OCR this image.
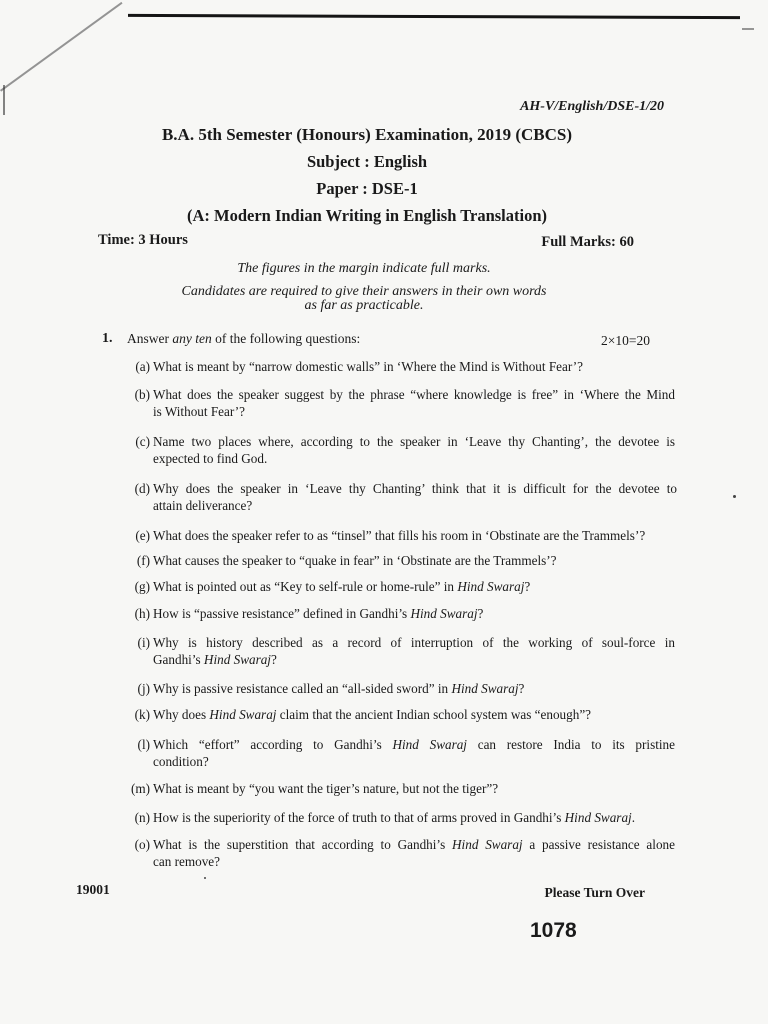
AH-V/English/DSE-1/20
B.A. 5th Semester (Honours) Examination, 2019 (CBCS)
Subject : English
Paper : DSE-1
(A: Modern Indian Writing in English Translation)
Time: 3 Hours	Full Marks: 60
The figures in the margin indicate full marks.
Candidates are required to give their answers in their own words
as far as practicable.
1. Answer any ten of the following questions:	2×10=20
(a) What is meant by “narrow domestic walls” in ‘Where the Mind is Without Fear’?
(b) What does the speaker suggest by the phrase “where knowledge is free” in ‘Where the Mind
is Without Fear’?
(c) Name two places where, according to the speaker in ‘Leave thy Chanting’, the devotee is
expected to find God.
(d) Why does the speaker in ‘Leave thy Chanting’ think that it is difficult for the devotee to
attain deliverance?
(e) What does the speaker refer to as “tinsel” that fills his room in ‘Obstinate are the Trammels’?
(f) What causes the speaker to “quake in fear” in ‘Obstinate are the Trammels’?
(g) What is pointed out as “Key to self-rule or home-rule” in Hind Swaraj?
(h) How is “passive resistance” defined in Gandhi’s Hind Swaraj?
(i) Why is history described as a record of interruption of the working of soul-force in
Gandhi’s Hind Swaraj?
(j) Why is passive resistance called an “all-sided sword” in Hind Swaraj?
(k) Why does Hind Swaraj claim that the ancient Indian school system was “enough”?
(l) Which “effort” according to Gandhi’s Hind Swaraj can restore India to its pristine
condition?
(m) What is meant by “you want the tiger’s nature, but not the tiger”?
(n) How is the superiority of the force of truth to that of arms proved in Gandhi’s Hind Swaraj.
(o) What is the superstition that according to Gandhi’s Hind Swaraj a passive resistance alone
can remove?
19001	Please Turn Over
1078
